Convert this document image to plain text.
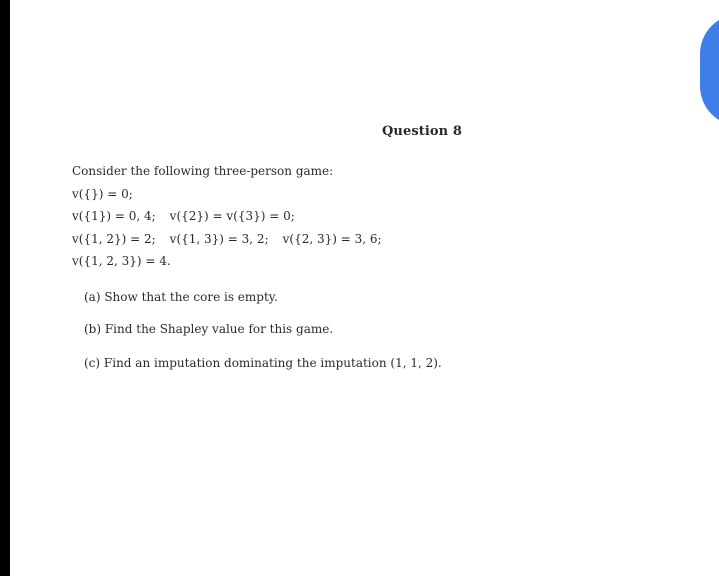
Question 8
Consider the following three-person game:
v({}) = 0;
v({1}) = 0, 4; v({2}) = v({3}) = 0;
v({1, 2}) = 2; v({1, 3}) = 3, 2; v({2, 3}) = 3, 6;
v({1, 2, 3}) = 4.
(a) Show that the core is empty.
(b) Find the Shapley value for this game.
(c) Find an imputation dominating the imputation (1, 1, 2).
